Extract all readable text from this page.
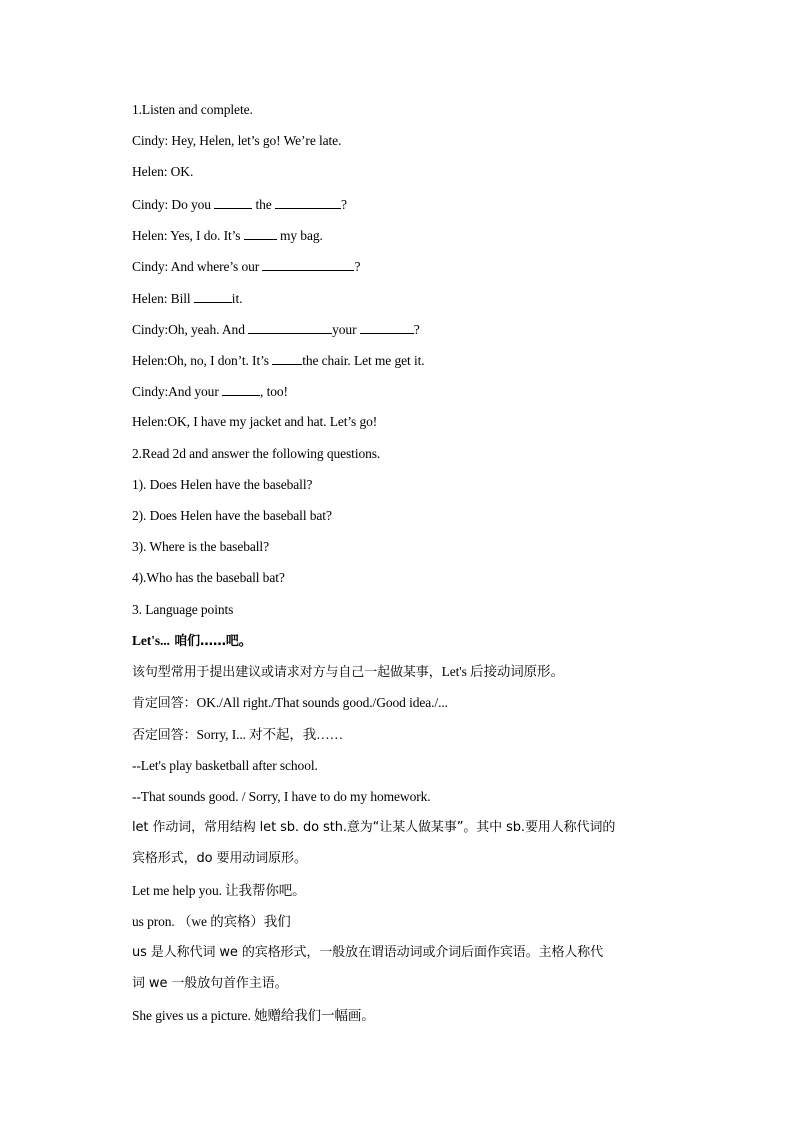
1.Listen and complete.
Cindy: Hey, Helen, let’s go! We’re late.
Helen: OK.
Cindy: Do you	the	?
Helen: Yes, I do. It’s  my bag.
Cindy: And where’s our	?
Helen: Bill	it.
Cindy:Oh, yeah. And	your	?
Helen:Oh, no, I don’t. It’s the chair. Let me get it.
Cindy:And your	, too!
Helen:OK, I have my jacket and hat. Let’s go!
2.Read 2d and answer the following questions.
1). Does Helen have the baseball?
2). Does Helen have the baseball bat?
3). Where is the baseball?
4).Who has the baseball bat?
3. Language points
Let's... 咱们……吧。
该句型常用于提出建议或请求对方与自己一起做某事，Let's 后接动词原形。
肯定回答：OK./All right./That sounds good./Good idea./...
否定回答：Sorry, I... 对不起，我……
--Let's play basketball after school.
--That sounds good. / Sorry, I have to do my homework.
let 作动词，常用结构 let sb. do sth.意为“让某人做某事”。其中 sb.要用人称代词的
宾格形式，do 要用动词原形。
Let me help you. 让我帮你吧。
us pron. （we 的宾格）我们
us 是人称代词 we 的宾格形式，一般放在谓语动词或介词后面作宾语。主格人称代
词 we 一般放句首作主语。
She gives us a picture. 她赠给我们一幅画。
